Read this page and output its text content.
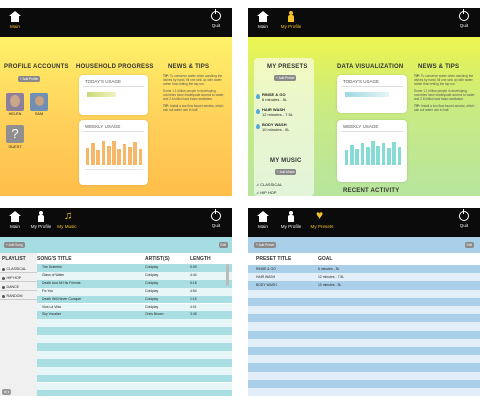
Main	Quit
PROFILE ACCOUNTS
+ Add Profile
HELEN	SAM
?
GUEST
HOUSEHOLD PROGRESS
TODAY'S USAGE
WEEKLY USAGE
NEWS & TIPS

TIP: To conserve water when washing the dishes by hand, fill one sink up with water rather than letting the tap run.

Some 1.1 billion people in developing countries have inadequate access to water, and 2.6 billion lack basic sanitation.

TIP: Install a low flow faucet aerator, which can cut water use in half.

Main	My Profile	Quit
MY PRESETS
+ Add Preset
RINSE & GO
6 minutes - 5L
HAIR WASH
12 minutes - 7.5L
BODY WASH
10 minutes - 5L
MY MUSIC
+ Add Music
♫ CLASSICAL
♫ HIP HOP
DATA VISUALIZATION
TODAY'S USAGE
WEEKLY USAGE
RECENT ACTIVITY
NEWS & TIPS

TIP: To conserve water when washing the dishes by hand, fill one sink up with water rather than letting the tap run.

Some 1.1 billion people in developing countries have inadequate access to water, and 2.6 billion lack basic sanitation.

TIP: Install a low flow faucet aerator, which can cut water use in half.

Main	My Profile
♫
My Music	Quit
+ Add Song	Edit
The Scientist	Coldplay	5:09
Glass of Water	Coldplay	4:44
Death And All His Friends	Coldplay	6:18
Fix You	Coldplay	4:54
Death Will Never Conquer	Coldplay	1:15
Viva La Vida	Coldplay	4:01
Sky Vocalize	Chris Brown	3:45
PLAYLIST SONG'S TITLE	ARTIST(S)	LENGTH
CLASSICAL
HIP HOP
DANCE
RANDOM
⚙ ▾
Main	My Profile
♥
My Presets	Quit
+ Add Preset	Edit
RINSE & GO	6 minutes - 5L
HAIR WASH	12 minutes - 7.5L
BODY WASH	10 minutes - 5L
PRESET TITLE	GOAL
